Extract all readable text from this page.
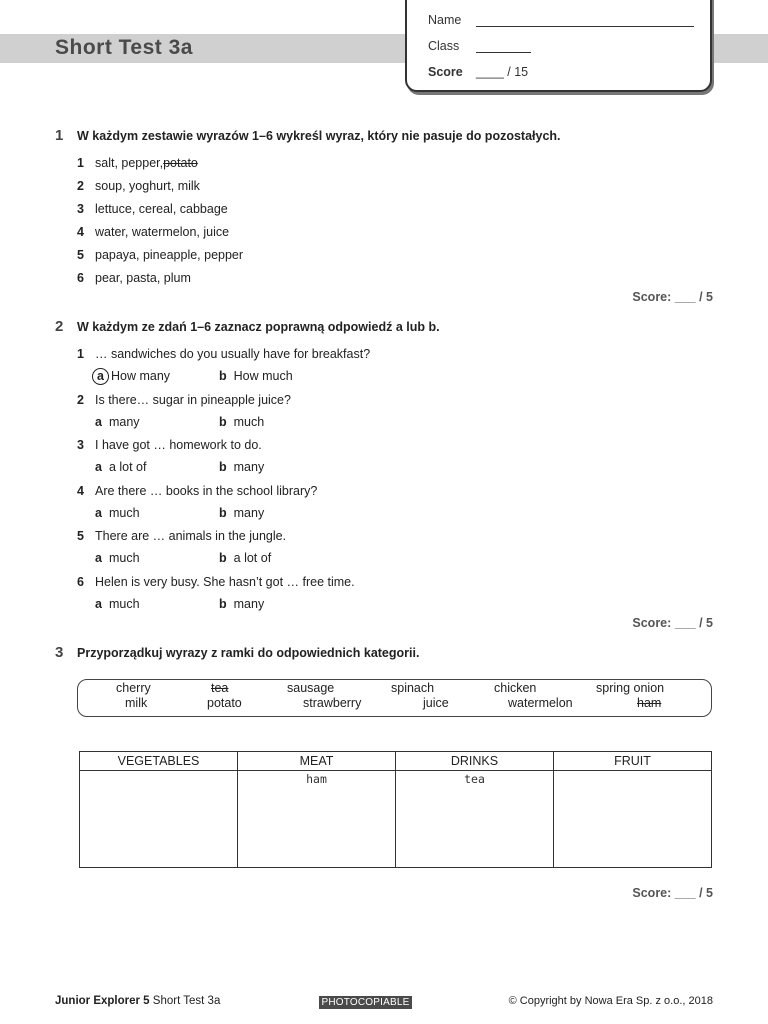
Short Test 3a
Name
Class
Score ____ / 15
1 W każdym zestawie wyrazów 1–6 wykreśl wyraz, który nie pasuje do pozostałych.
1 salt, pepper, potato
2 soup, yoghurt, milk
3 lettuce, cereal, cabbage
4 water, watermelon, juice
5 papaya, pineapple, pepper
6 pear, pasta, plum
Score: ___ / 5
2 W każdym ze zdań 1–6 zaznacz poprawną odpowiedź a lub b.
1 … sandwiches do you usually have for breakfast?
a How many	b How much
2 Is there… sugar in pineapple juice?
a many	b much
3 I have got … homework to do.
a a lot of	b many
4 Are there … books in the school library?
a much	b many
5 There are … animals in the jungle.
a much	b a lot of
6 Helen is very busy. She hasn’t got … free time.
a much	b many
Score: ___ / 5
3 Przyporządkuj wyrazy z ramki do odpowiednich kategorii.
cherry	tea	sausage	spinach	chicken	spring onion
milk	potato	strawberry	juice	watermelon	ham
VEGETABLES	MEAT	DRINKS	FRUIT
	ham	tea	
Score: ___ / 5
Junior Explorer 5 Short Test 3a	PHOTOCOPIABLE	© Copyright by Nowa Era Sp. z o.o., 2018
